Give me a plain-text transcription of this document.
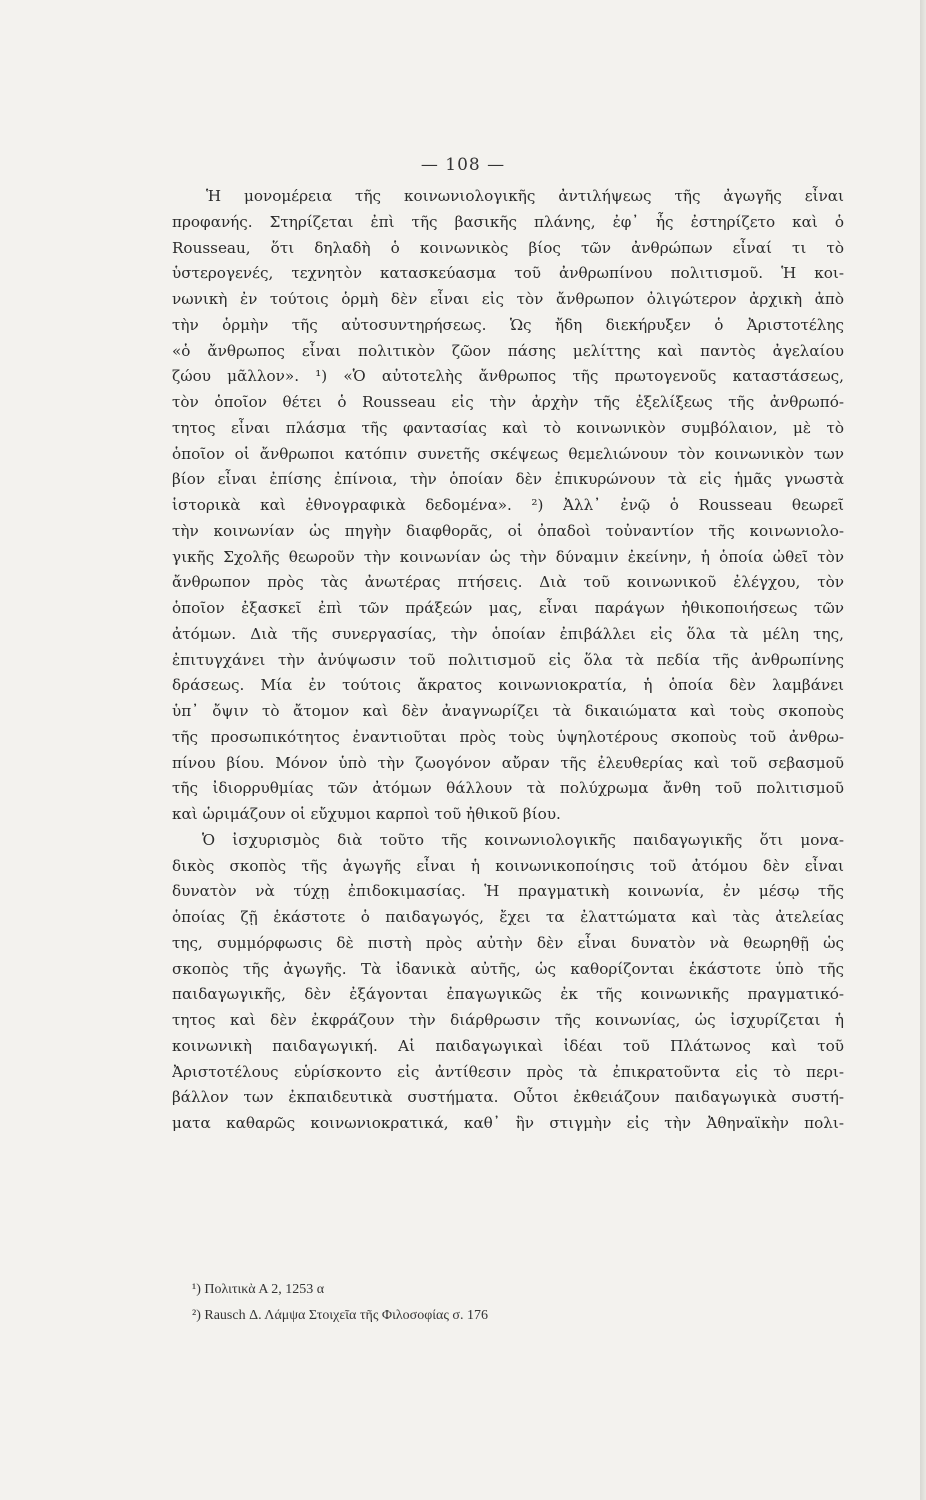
— 108 —
Ἡ μονομέρεια τῆς κοινωνιολογικῆς ἀντιλήψεως τῆς ἀγωγῆς εἶναι
προφανής. Στηρίζεται ἐπὶ τῆς βασικῆς πλάνης, ἐφ᾽ ἧς ἐστηρίζετο καὶ ὁ
Rousseau, ὅτι δηλαδὴ ὁ κοινωνικὸς βίος τῶν ἀνθρώπων εἶναί τι τὸ
ὑστερογενές, τεχνητὸν κατασκεύασμα τοῦ ἀνθρωπίνου πολιτισμοῦ. Ἡ κοι-
νωνικὴ ἐν τούτοις ὁρμὴ δὲν εἶναι εἰς τὸν ἄνθρωπον ὀλιγώτερον ἀρχικὴ ἀπὸ
τὴν ὁρμὴν τῆς αὐτοσυντηρήσεως. Ὡς ἤδη διεκήρυξεν ὁ Ἀριστοτέλης
«ὁ ἄνθρωπος εἶναι πολιτικὸν ζῶον πάσης μελίττης καὶ παντὸς ἀγελαίου
ζώου μᾶλλον». ¹) «Ὁ αὐτοτελὴς ἄνθρωπος τῆς πρωτογενοῦς καταστάσεως,
τὸν ὁποῖον θέτει ὁ Rousseau εἰς τὴν ἀρχὴν τῆς ἐξελίξεως τῆς ἀνθρωπό-
τητος εἶναι πλάσμα τῆς φαντασίας καὶ τὸ κοινωνικὸν συμβόλαιον, μὲ τὸ
ὁποῖον οἱ ἄνθρωποι κατόπιν συνετῆς σκέψεως θεμελιώνουν τὸν κοινωνικὸν των
βίον εἶναι ἐπίσης ἐπίνοια, τὴν ὁποίαν δὲν ἐπικυρώνουν τὰ εἰς ἡμᾶς γνωστὰ
ἱστορικὰ καὶ ἐθνογραφικὰ δεδομένα». ²) Ἀλλ᾽ ἐνῷ ὁ Rousseau θεωρεῖ
τὴν κοινωνίαν ὡς πηγὴν διαφθορᾶς, οἱ ὀπαδοὶ τοὐναντίον τῆς κοινωνιολο-
γικῆς Σχολῆς θεωροῦν τὴν κοινωνίαν ὡς τὴν δύναμιν ἐκείνην, ἡ ὁποία ὠθεῖ τὸν
ἄνθρωπον πρὸς τὰς ἀνωτέρας πτήσεις. Διὰ τοῦ κοινωνικοῦ ἐλέγχου, τὸν
ὁποῖον ἐξασκεῖ ἐπὶ τῶν πράξεών μας, εἶναι παράγων ἠθικοποιήσεως τῶν
ἀτόμων. Διὰ τῆς συνεργασίας, τὴν ὁποίαν ἐπιβάλλει εἰς ὅλα τὰ μέλη της,
ἐπιτυγχάνει τὴν ἀνύψωσιν τοῦ πολιτισμοῦ εἰς ὅλα τὰ πεδία τῆς ἀνθρωπίνης
δράσεως. Μία ἐν τούτοις ἄκρατος κοινωνιοκρατία, ἡ ὁποία δὲν λαμβάνει
ὑπ᾽ ὄψιν τὸ ἄτομον καὶ δὲν ἀναγνωρίζει τὰ δικαιώματα καὶ τοὺς σκοποὺς
τῆς προσωπικότητος ἐναντιοῦται πρὸς τοὺς ὑψηλοτέρους σκοποὺς τοῦ ἀνθρω-
πίνου βίου. Μόνον ὑπὸ τὴν ζωογόνον αὔραν τῆς ἐλευθερίας καὶ τοῦ σεβασμοῦ
τῆς ἰδιορρυθμίας τῶν ἀτόμων θάλλουν τὰ πολύχρωμα ἄνθη τοῦ πολιτισμοῦ
καὶ ὡριμάζουν οἱ εὔχυμοι καρποὶ τοῦ ἠθικοῦ βίου.
Ὁ ἰσχυρισμὸς διὰ τοῦτο τῆς κοινωνιολογικῆς παιδαγωγικῆς ὅτι μονα-
δικὸς σκοπὸς τῆς ἀγωγῆς εἶναι ἡ κοινωνικοποίησις τοῦ ἀτόμου δὲν εἶναι
δυνατὸν νὰ τύχῃ ἐπιδοκιμασίας. Ἡ πραγματικὴ κοινωνία, ἐν μέσῳ τῆς
ὁποίας ζῇ ἑκάστοτε ὁ παιδαγωγός, ἔχει τα ἐλαττώματα καὶ τὰς ἀτελείας
της, συμμόρφωσις δὲ πιστὴ πρὸς αὐτὴν δὲν εἶναι δυνατὸν νὰ θεωρηθῇ ὡς
σκοπὸς τῆς ἀγωγῆς. Τὰ ἰδανικὰ αὐτῆς, ὡς καθορίζονται ἑκάστοτε ὑπὸ τῆς
παιδαγωγικῆς, δὲν ἐξάγονται ἐπαγωγικῶς ἐκ τῆς κοινωνικῆς πραγματικό-
τητος καὶ δὲν ἐκφράζουν τὴν διάρθρωσιν τῆς κοινωνίας, ὡς ἰσχυρίζεται ἡ
κοινωνικὴ παιδαγωγική. Αἱ παιδαγωγικαὶ ἰδέαι τοῦ Πλάτωνος καὶ τοῦ
Ἀριστοτέλους εὑρίσκοντο εἰς ἀντίθεσιν πρὸς τὰ ἐπικρατοῦντα εἰς τὸ περι-
βάλλον των ἐκπαιδευτικὰ συστήματα. Οὗτοι ἐκθειάζουν παιδαγωγικὰ συστή-
ματα καθαρῶς κοινωνιοκρατικά, καθ᾽ ἣν στιγμὴν εἰς τὴν Ἀθηναϊκὴν πολι-
¹) Πολιτικὰ Α 2, 1253 α
²) Rausch Δ. Λάμψα Στοιχεῖα τῆς Φιλοσοφίας σ. 176
